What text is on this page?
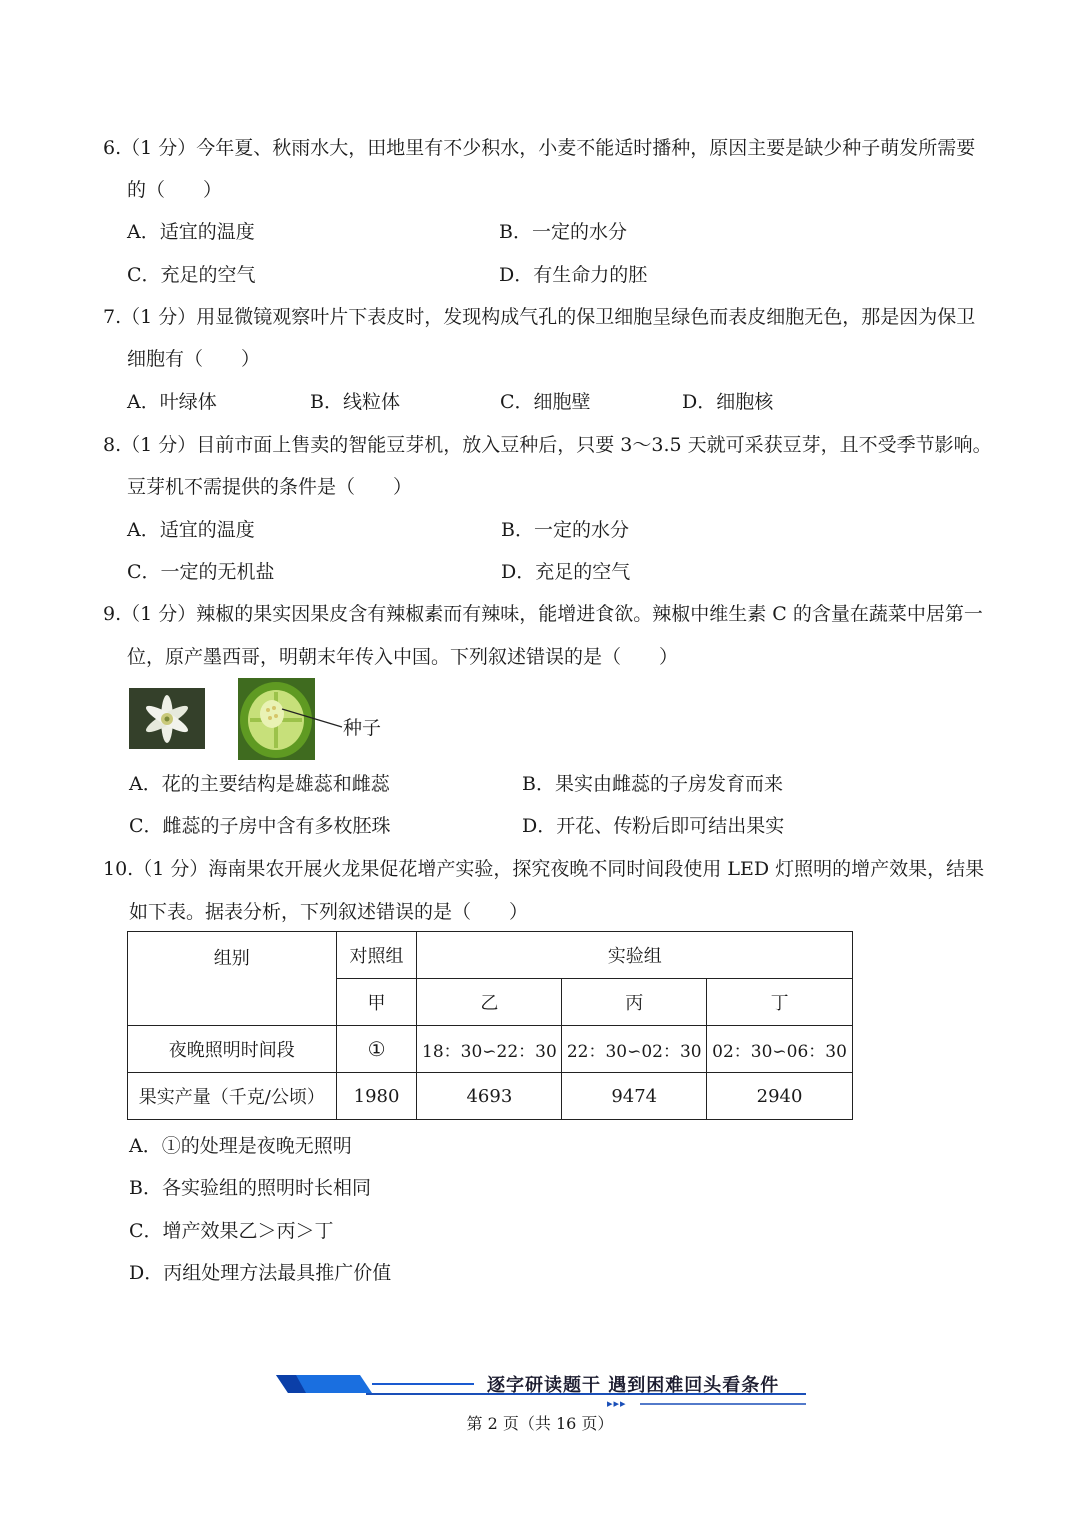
6.（1 分）今年夏、秋雨水大，田地里有不少积水，小麦不能适时播种，原因主要是缺少种子萌发所需要
的（　　）
A．适宜的温度	B．一定的水分
C．充足的空气	D．有生命力的胚
7.（1 分）用显微镜观察叶片下表皮时，发现构成气孔的保卫细胞呈绿色而表皮细胞无色，那是因为保卫
细胞有（　　）
A．叶绿体	B．线粒体	C．细胞壁	D．细胞核
8.（1 分）目前市面上售卖的智能豆芽机，放入豆种后，只要 3～3.5 天就可采获豆芽，且不受季节影响。
豆芽机不需提供的条件是（　　）
A．适宜的温度	B．一定的水分
C．一定的无机盐	D．充足的空气
9.（1 分）辣椒的果实因果皮含有辣椒素而有辣味，能增进食欲。辣椒中维生素 C 的含量在蔬菜中居第一
位，原产墨西哥，明朝末年传入中国。下列叙述错误的是（　　）
种子
A．花的主要结构是雄蕊和雌蕊	B．果实由雌蕊的子房发育而来
C．雌蕊的子房中含有多枚胚珠	D．开花、传粉后即可结出果实
10.（1 分）海南果农开展火龙果促花增产实验，探究夜晚不同时间段使用 LED 灯照明的增产效果，结果
如下表。据表分析，下列叙述错误的是（　　）
组别	对照组	实验组		
	甲	乙	丙	丁
夜晚照明时间段	①	18：30∽22：30	22：30∽02：30	02：30∽06：30
果实产量（千克/公顷）	1980	4693	9474	2940
A．①的处理是夜晚无照明
B．各实验组的照明时长相同
C．增产效果乙＞丙＞丁
D．丙组处理方法最具推广价值
逐字研读题干 遇到困难回头看条件
▸▸▸
第 2 页（共 16 页）
